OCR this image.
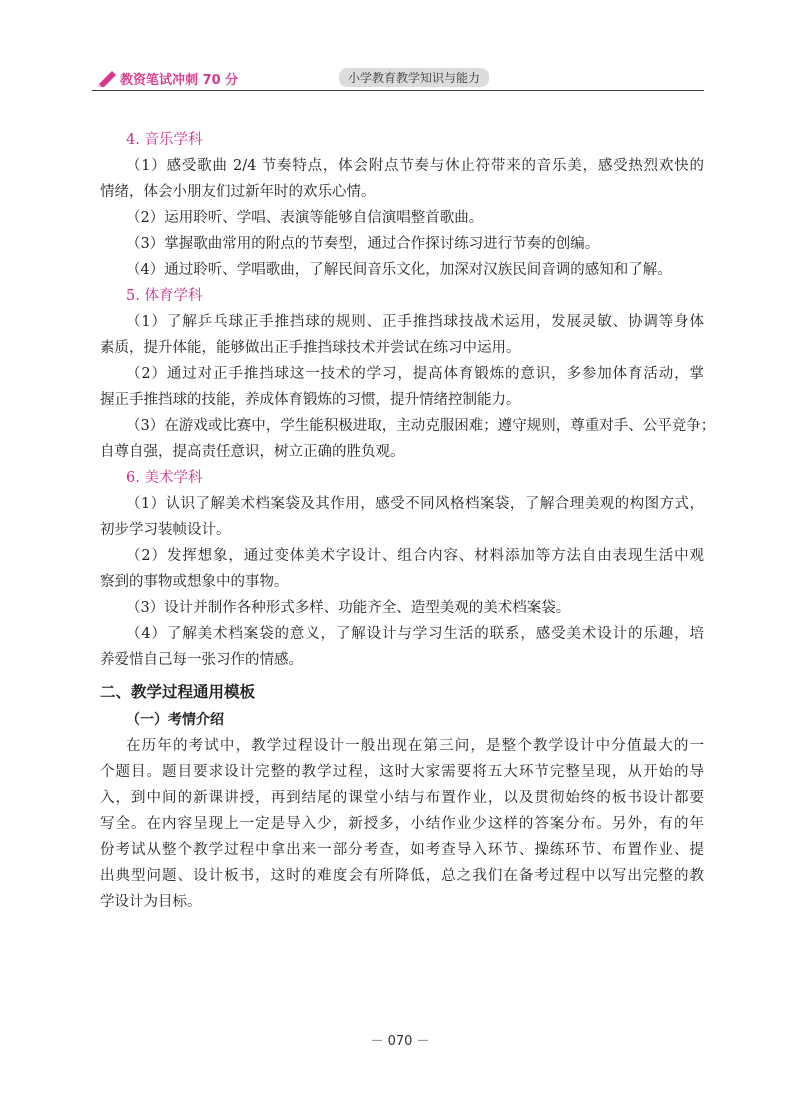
教资笔试冲刺 70 分	小学教育教学知识与能力
4. 音乐学科
（1）感受歌曲 2/4 节奏特点，体会附点节奏与休止符带来的音乐美，感受热烈欢快的
情绪，体会小朋友们过新年时的欢乐心情。
（2）运用聆听、学唱、表演等能够自信演唱整首歌曲。
（3）掌握歌曲常用的附点的节奏型，通过合作探讨练习进行节奏的创编。
（4）通过聆听、学唱歌曲，了解民间音乐文化，加深对汉族民间音调的感知和了解。
5. 体育学科
（1）了解乒乓球正手推挡球的规则、正手推挡球技战术运用，发展灵敏、协调等身体
素质，提升体能，能够做出正手推挡球技术并尝试在练习中运用。
（2）通过对正手推挡球这一技术的学习，提高体育锻炼的意识，多参加体育活动，掌
握正手推挡球的技能，养成体育锻炼的习惯，提升情绪控制能力。
（3）在游戏或比赛中，学生能积极进取，主动克服困难；遵守规则，尊重对手、公平竞争；
自尊自强，提高责任意识，树立正确的胜负观。
6. 美术学科
（1）认识了解美术档案袋及其作用，感受不同风格档案袋，了解合理美观的构图方式，
初步学习装帧设计。
（2）发挥想象，通过变体美术字设计、组合内容、材料添加等方法自由表现生活中观
察到的事物或想象中的事物。
（3）设计并制作各种形式多样、功能齐全、造型美观的美术档案袋。
（4）了解美术档案袋的意义，了解设计与学习生活的联系，感受美术设计的乐趣，培
养爱惜自己每一张习作的情感。
二、教学过程通用模板
（一）考情介绍
在历年的考试中，教学过程设计一般出现在第三问，是整个教学设计中分值最大的一
个题目。题目要求设计完整的教学过程，这时大家需要将五大环节完整呈现，从开始的导
入，到中间的新课讲授，再到结尾的课堂小结与布置作业，以及贯彻始终的板书设计都要
写全。在内容呈现上一定是导入少，新授多，小结作业少这样的答案分布。另外，有的年
份考试从整个教学过程中拿出来一部分考查，如考查导入环节、操练环节、布置作业、提
出典型问题、设计板书，这时的难度会有所降低，总之我们在备考过程中以写出完整的教
学设计为目标。
－ 070 －
